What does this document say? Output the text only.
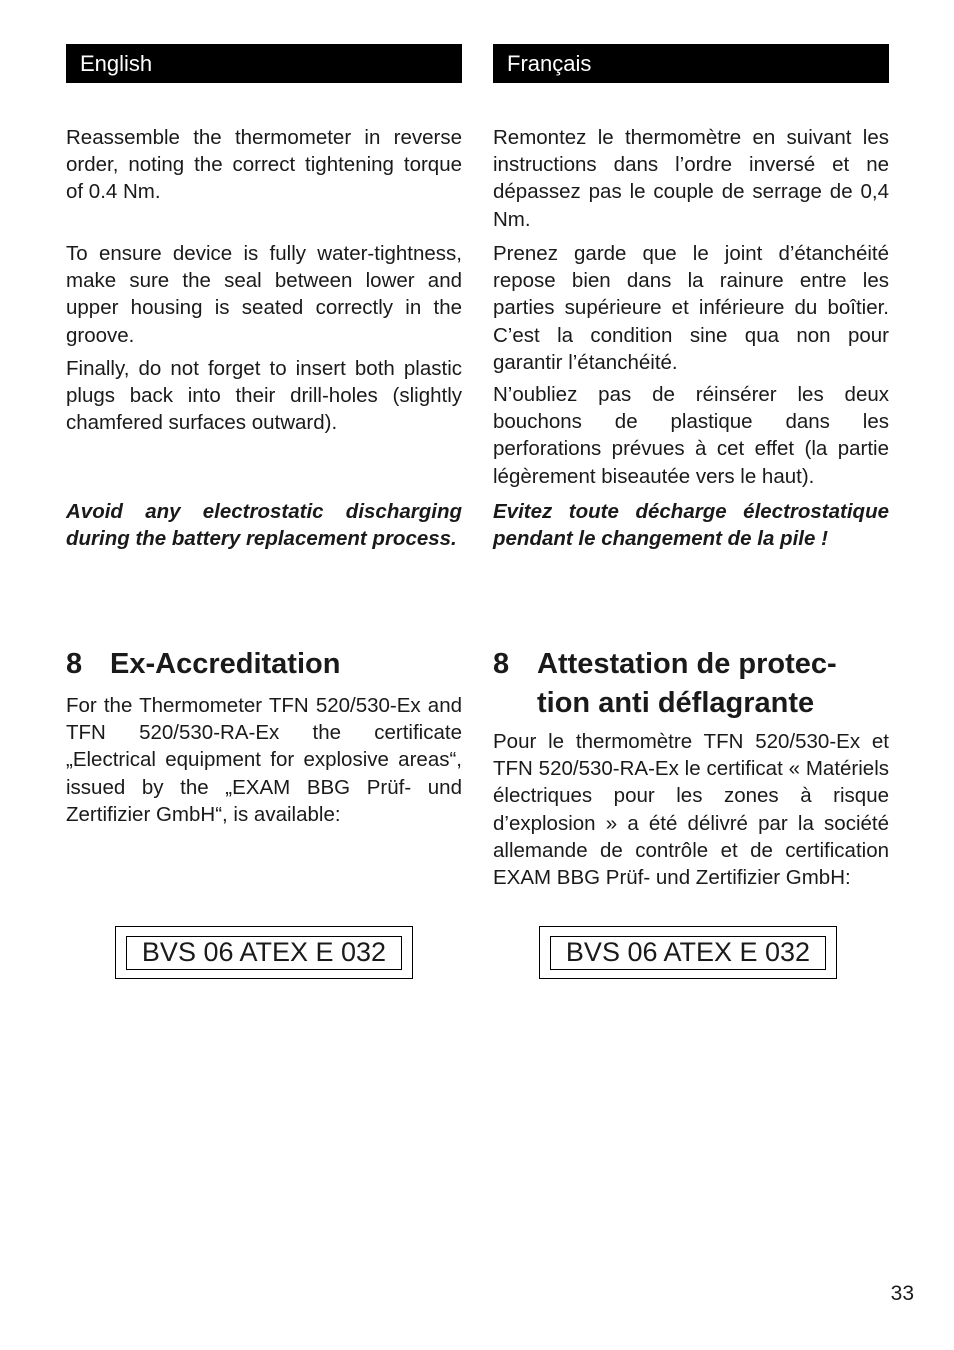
English

Reassemble the thermometer in reverse order, noting the correct tightening torque of 0.4 Nm.

To ensure device is fully water-tightness, make sure the seal between lower and upper housing is seated correctly in the groove.

Finally, do not forget to insert both plastic plugs back into their drill-holes (slightly chamfered surfaces outward).

Avoid any electrostatic discharging during the battery replacement process.

8 Ex-Accreditation

For the Thermometer TFN 520/530-Ex and TFN 520/530-RA-Ex the certificate „Electrical equipment for explosive areas“, issued by the „EXAM BBG Prüf- und Zertifizier GmbH“, is available:

BVS 06 ATEX E 032
Français

Remontez le thermomètre en suivant les instructions dans l’ordre inversé et ne dépassez pas le couple de serrage de 0,4 Nm.

Prenez garde que le joint d’étanchéité repose bien dans la rainure entre les parties supérieure et inférieure du boîtier. C’est la condition sine qua non pour garantir l’étanchéité.

N’oubliez pas de réinsérer les deux bouchons de plastique dans les perforations prévues à cet effet (la partie légèrement biseautée vers le haut).

Evitez toute décharge électrostatique pendant le changement de la pile !

8 Attestation de protec-tion anti déflagrante

Pour le thermomètre TFN 520/530-Ex et TFN 520/530-RA-Ex le certificat « Matériels électriques pour les zones à risque d’explosion » a été délivré par la société allemande de contrôle et de certification EXAM BBG Prüf- und Zertifizier GmbH:

BVS 06 ATEX E 032
33
